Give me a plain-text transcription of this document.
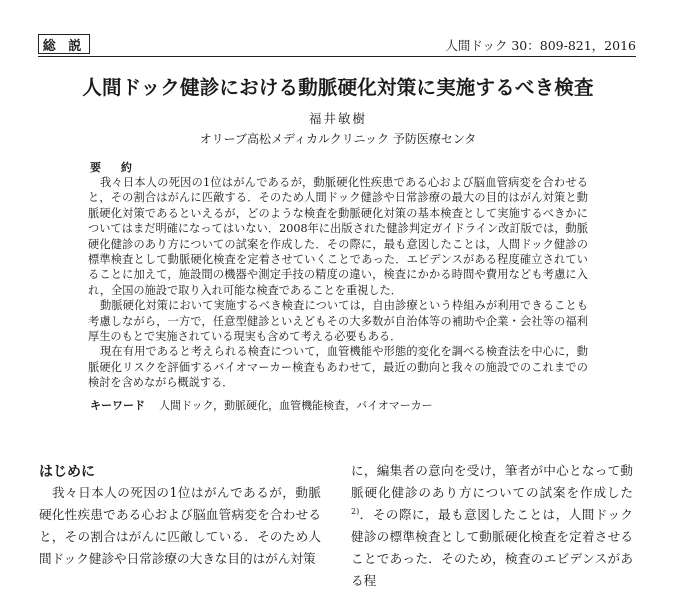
総 説	人間ドック 30：809-821，2016
人間ドック健診における動脈硬化対策に実施するべき検査
福井敏樹
オリーブ高松メディカルクリニック 予防医療センタ
要 約

我々日本人の死因の1位はがんであるが，動脈硬化性疾患である心および脳血管病変を合わせると，その割合はがんに匹敵する．そのため人間ドック健診や日常診療の最大の目的はがん対策と動脈硬化対策であるといえるが，どのような検査を動脈硬化対策の基本検査として実施するべきかについてはまだ明確になってはいない．2008年に出版された健診判定ガイドライン改訂版では，動脈硬化健診のあり方についての試案を作成した．その際に，最も意図したことは，人間ドック健診の標準検査として動脈硬化検査を定着させていくことであった．エビデンスがある程度確立されていることに加えて，施設間の機器や測定手技の精度の違い，検査にかかる時間や費用なども考慮に入れ，全国の施設で取り入れ可能な検査であることを重視した．

動脈硬化対策において実施するべき検査については，自由診療という枠組みが利用できることも考慮しながら，一方で，任意型健診といえどもその大多数が自治体等の補助や企業・会社等の福利厚生のもとで実施されている現実も含めて考える必要もある．

現在有用であると考えられる検査について，血管機能や形態的変化を調べる検査法を中心に，動脈硬化リスクを評価するバイオマーカー検査もあわせて，最近の動向と我々の施設でのこれまでの検討を含めながら概説する．

キーワード 人間ドック，動脈硬化，血管機能検査，バイオマーカー
はじめに

我々日本人の死因の1位はがんであるが，動脈硬化性疾患である心および脳血管病変を合わせると，その割合はがんに匹敵している．そのため人間ドック健診や日常診療の大きな目的はがん対策

に，編集者の意向を受け，筆者が中心となって動脈硬化健診のあり方についての試案を作成した$^{2)}$．その際に，最も意図したことは，人間ドック健診の標準検査として動脈硬化検査を定着させることであった．そのため，検査のエビデンスがある程
